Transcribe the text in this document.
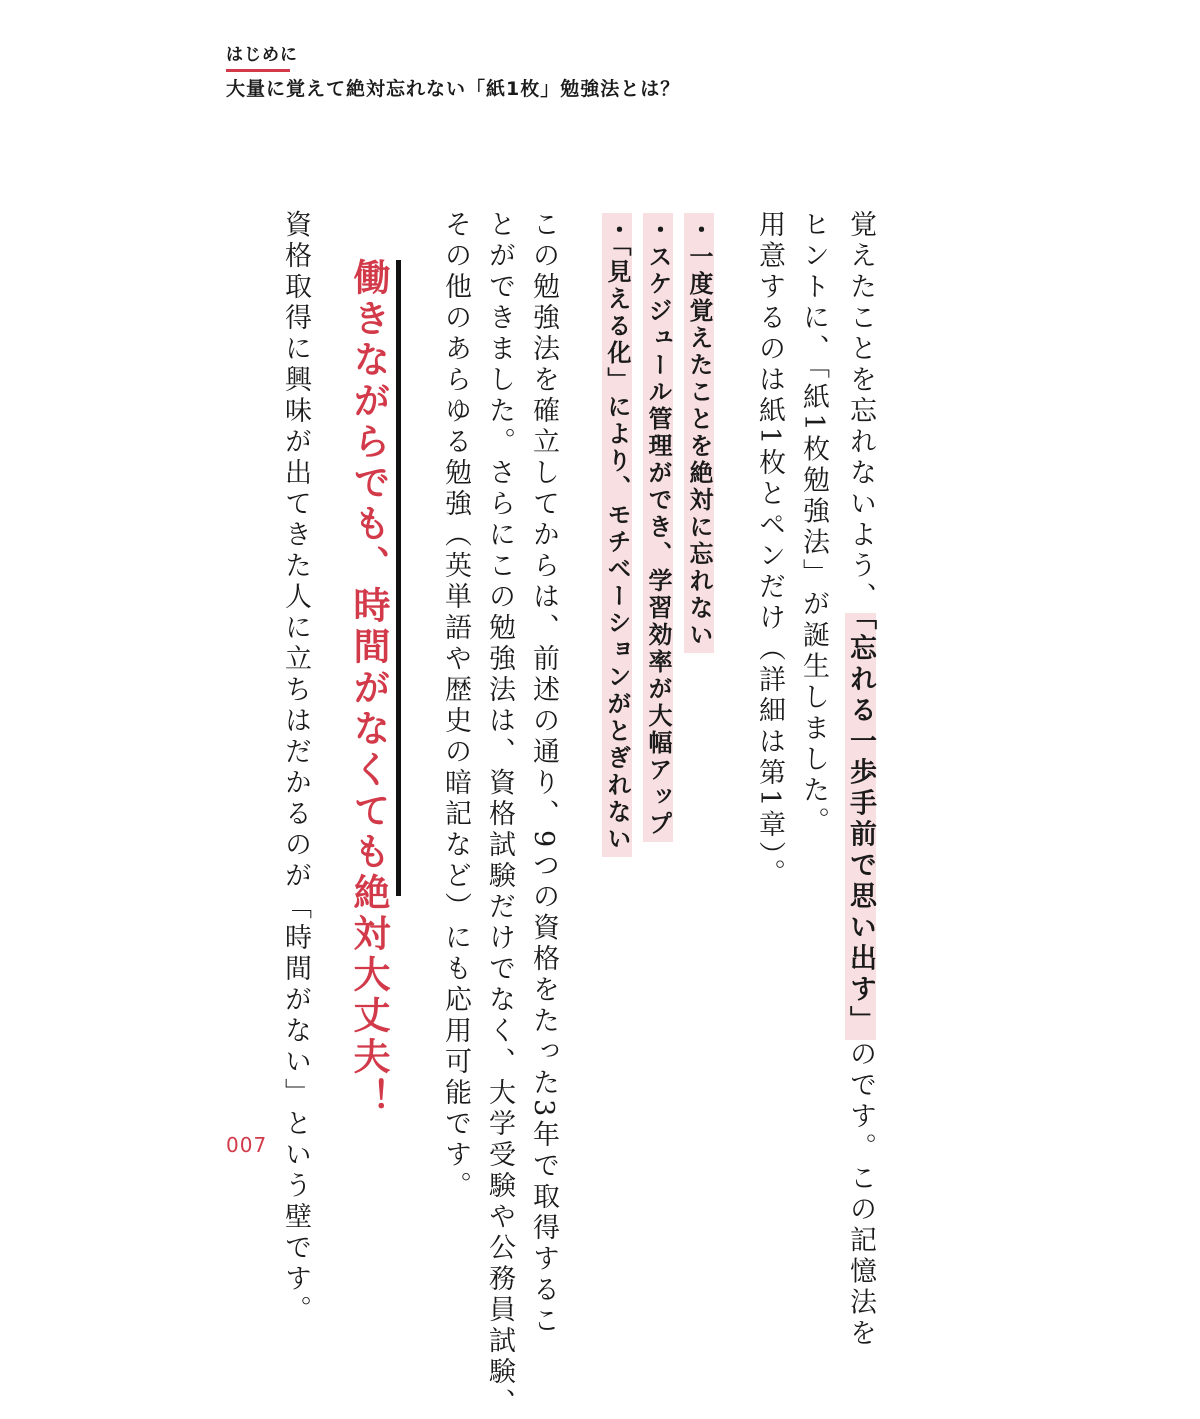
はじめに
大量に覚えて絶対忘れない「紙1枚」勉強法とは？
覚えたことを忘れないよう、「忘れる一歩手前で思い出す」のです。この記憶法を
ヒントに、「紙1枚勉強法」が誕生しました。
用意するのは紙1枚とペンだけ（詳細は第1章）。
・一度覚えたことを絶対に忘れない
・スケジュール管理ができ、学習効率が大幅アップ
・「見える化」により、モチベーションがとぎれない
この勉強法を確立してからは、前述の通り、9つの資格をたった3年で取得するこ
とができました。さらにこの勉強法は、資格試験だけでなく、大学受験や公務員試験、
その他のあらゆる勉強（英単語や歴史の暗記など）にも応用可能です。
働きながらでも、時間がなくても絶対大丈夫！
資格取得に興味が出てきた人に立ちはだかるのが「時間がない」という壁です。
007
